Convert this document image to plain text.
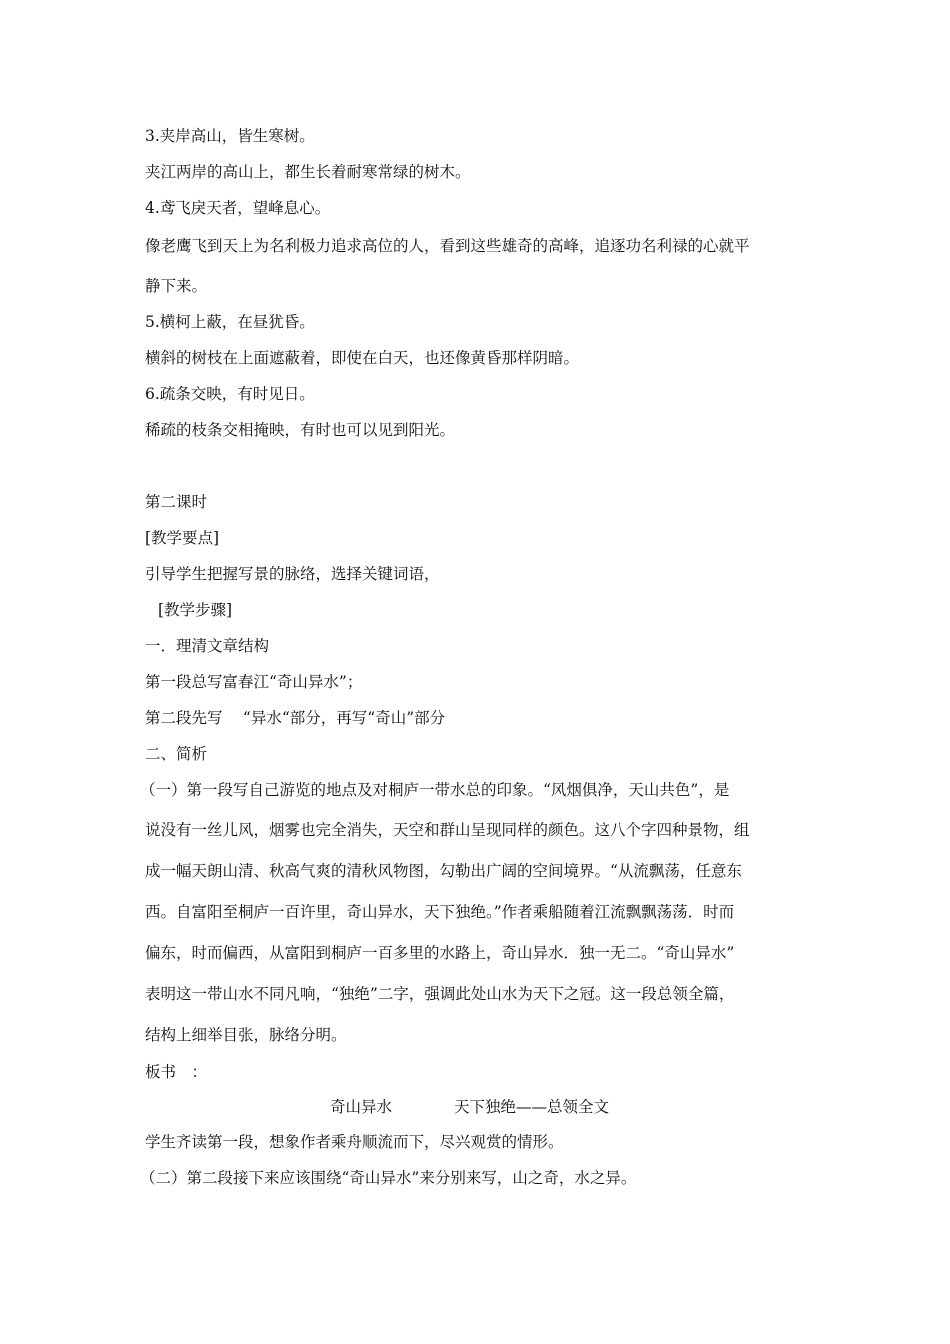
3.夹岸高山，皆生寒树。
夹江两岸的高山上，都生长着耐寒常绿的树木。
4.鸢飞戾天者，望峰息心。
像老鹰飞到天上为名利极力追求高位的人，看到这些雄奇的高峰，追逐功名利禄的心就平
静下来。
5.横柯上蔽，在昼犹昏。
横斜的树枝在上面遮蔽着，即使在白天，也还像黄昏那样阴暗。
6.疏条交映，有时见日。
稀疏的枝条交相掩映，有时也可以见到阳光。
第二课时
[教学要点]
引导学生把握写景的脉络，选择关键词语，
[教学步骤]
一．理清文章结构
第一段总写富春江“奇山异水”；
第二段先写　 “异水“部分，再写“奇山”部分
二、简析
（一）第一段写自己游览的地点及对桐庐一带水总的印象。“风烟俱净，天山共色”，是
说没有一丝儿风，烟雾也完全消失，天空和群山呈现同样的颜色。这八个字四种景物，组
成一幅天朗山清、秋高气爽的清秋风物图，勾勒出广阔的空间境界。“从流飘荡，任意东
西。自富阳至桐庐一百许里，奇山异水，天下独绝。”作者乘船随着江流飘飘荡荡．时而
偏东，时而偏西，从富阳到桐庐一百多里的水路上，奇山异水．独一无二。“奇山异水”
表明这一带山水不同凡响，“独绝”二字，强调此处山水为天下之冠。这一段总领全篇，
结构上细举目张，脉络分明。
板书　：
奇山异水　　　　天下独绝——总领全文
学生齐读第一段，想象作者乘舟顺流而下，尽兴观赏的情形。
（二）第二段接下来应该围绕“奇山异水”来分别来写，山之奇，水之异。
